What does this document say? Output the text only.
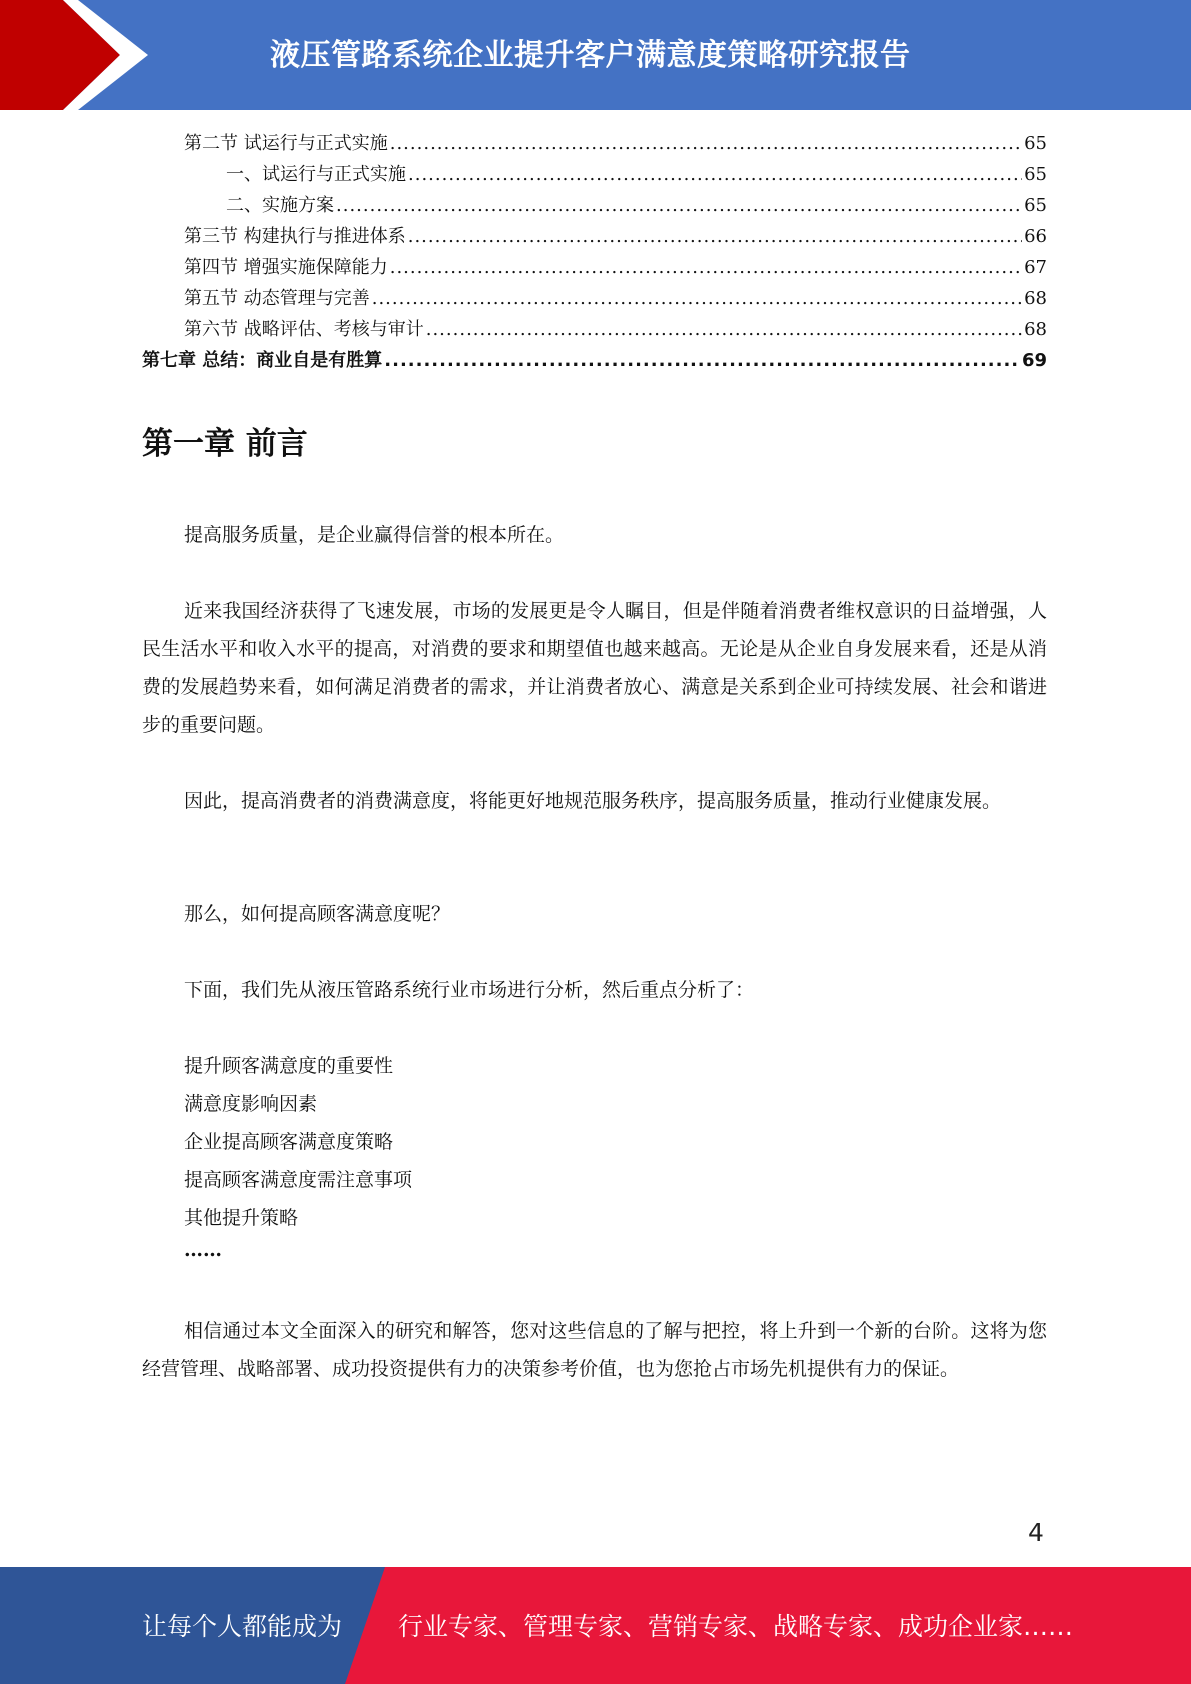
液压管路系统企业提升客户满意度策略研究报告
第二节 试运行与正式实施 .....	65
一、试运行与正式实施 .....	65
二、实施方案 .....	65
第三节 构建执行与推进体系 .....	66
第四节 增强实施保障能力 .....	67
第五节 动态管理与完善 .....	68
第六节 战略评估、考核与审计 .....	68
第七章 总结：商业自是有胜算 .....	69
第一章 前言

提高服务质量，是企业赢得信誉的根本所在。

近来我国经济获得了飞速发展，市场的发展更是令人瞩目，但是伴随着消费者维权意识的日益增强，人民生活水平和收入水平的提高，对消费的要求和期望值也越来越高。无论是从企业自身发展来看，还是从消费的发展趋势来看，如何满足消费者的需求，并让消费者放心、满意是关系到企业可持续发展、社会和谐进步的重要问题。

因此，提高消费者的消费满意度，将能更好地规范服务秩序，提高服务质量，推动行业健康发展。

那么，如何提高顾客满意度呢？

下面，我们先从液压管路系统行业市场进行分析，然后重点分析了：

提升顾客满意度的重要性
满意度影响因素
企业提高顾客满意度策略
提高顾客满意度需注意事项
其他提升策略
……

相信通过本文全面深入的研究和解答，您对这些信息的了解与把控，将上升到一个新的台阶。这将为您经营管理、战略部署、成功投资提供有力的决策参考价值，也为您抢占市场先机提供有力的保证。

4
让每个人都能成为 行业专家、管理专家、营销专家、战略专家、成功企业家……
